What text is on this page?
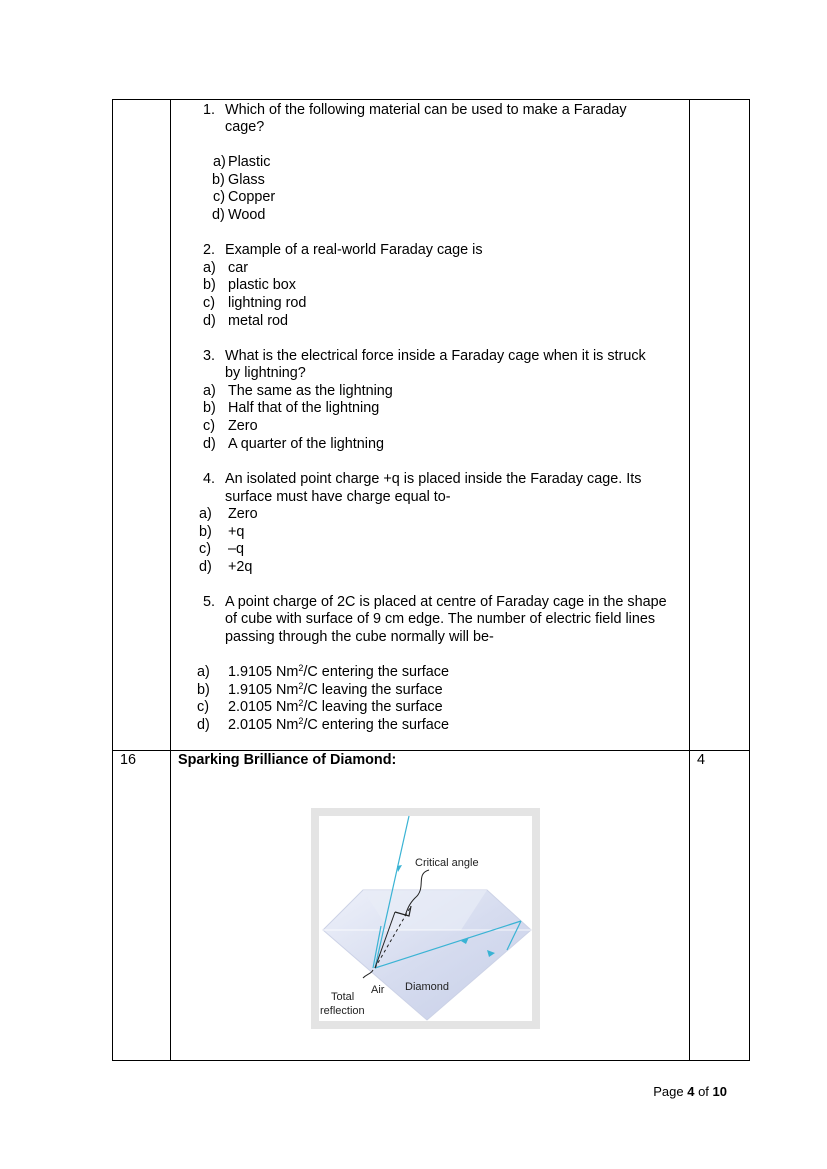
1. Which of the following material can be used to make a Faraday
cage?
a) Plastic
b) Glass
c) Copper
d) Wood
2. Example of a real-world Faraday cage is
a) car
b) plastic box
c) lightning rod
d) metal rod
3. What is the electrical force inside a Faraday cage when it is struck
by lightning?
a) The same as the lightning
b) Half that of the lightning
c) Zero
d) A quarter of the lightning
4. An isolated point charge +q is placed inside the Faraday cage. Its
surface must have charge equal to-
a) Zero
b) +q
c) –q
d) +2q
5. A point charge of 2C is placed at centre of Faraday cage in the shape
of cube with surface of 9 cm edge. The number of electric field lines
passing through the cube normally will be-
a) 1.9105 Nm$^2$/C entering the surface
b) 1.9105 Nm$^2$/C leaving the surface
c) 2.0105 Nm$^2$/C leaving the surface
d) 2.0105 Nm$^2$/C entering the surface
16	Sparking Brilliance of Diamond:	4
Critical angle
Air Diamond
Total
reflection
Page 4 of 10
